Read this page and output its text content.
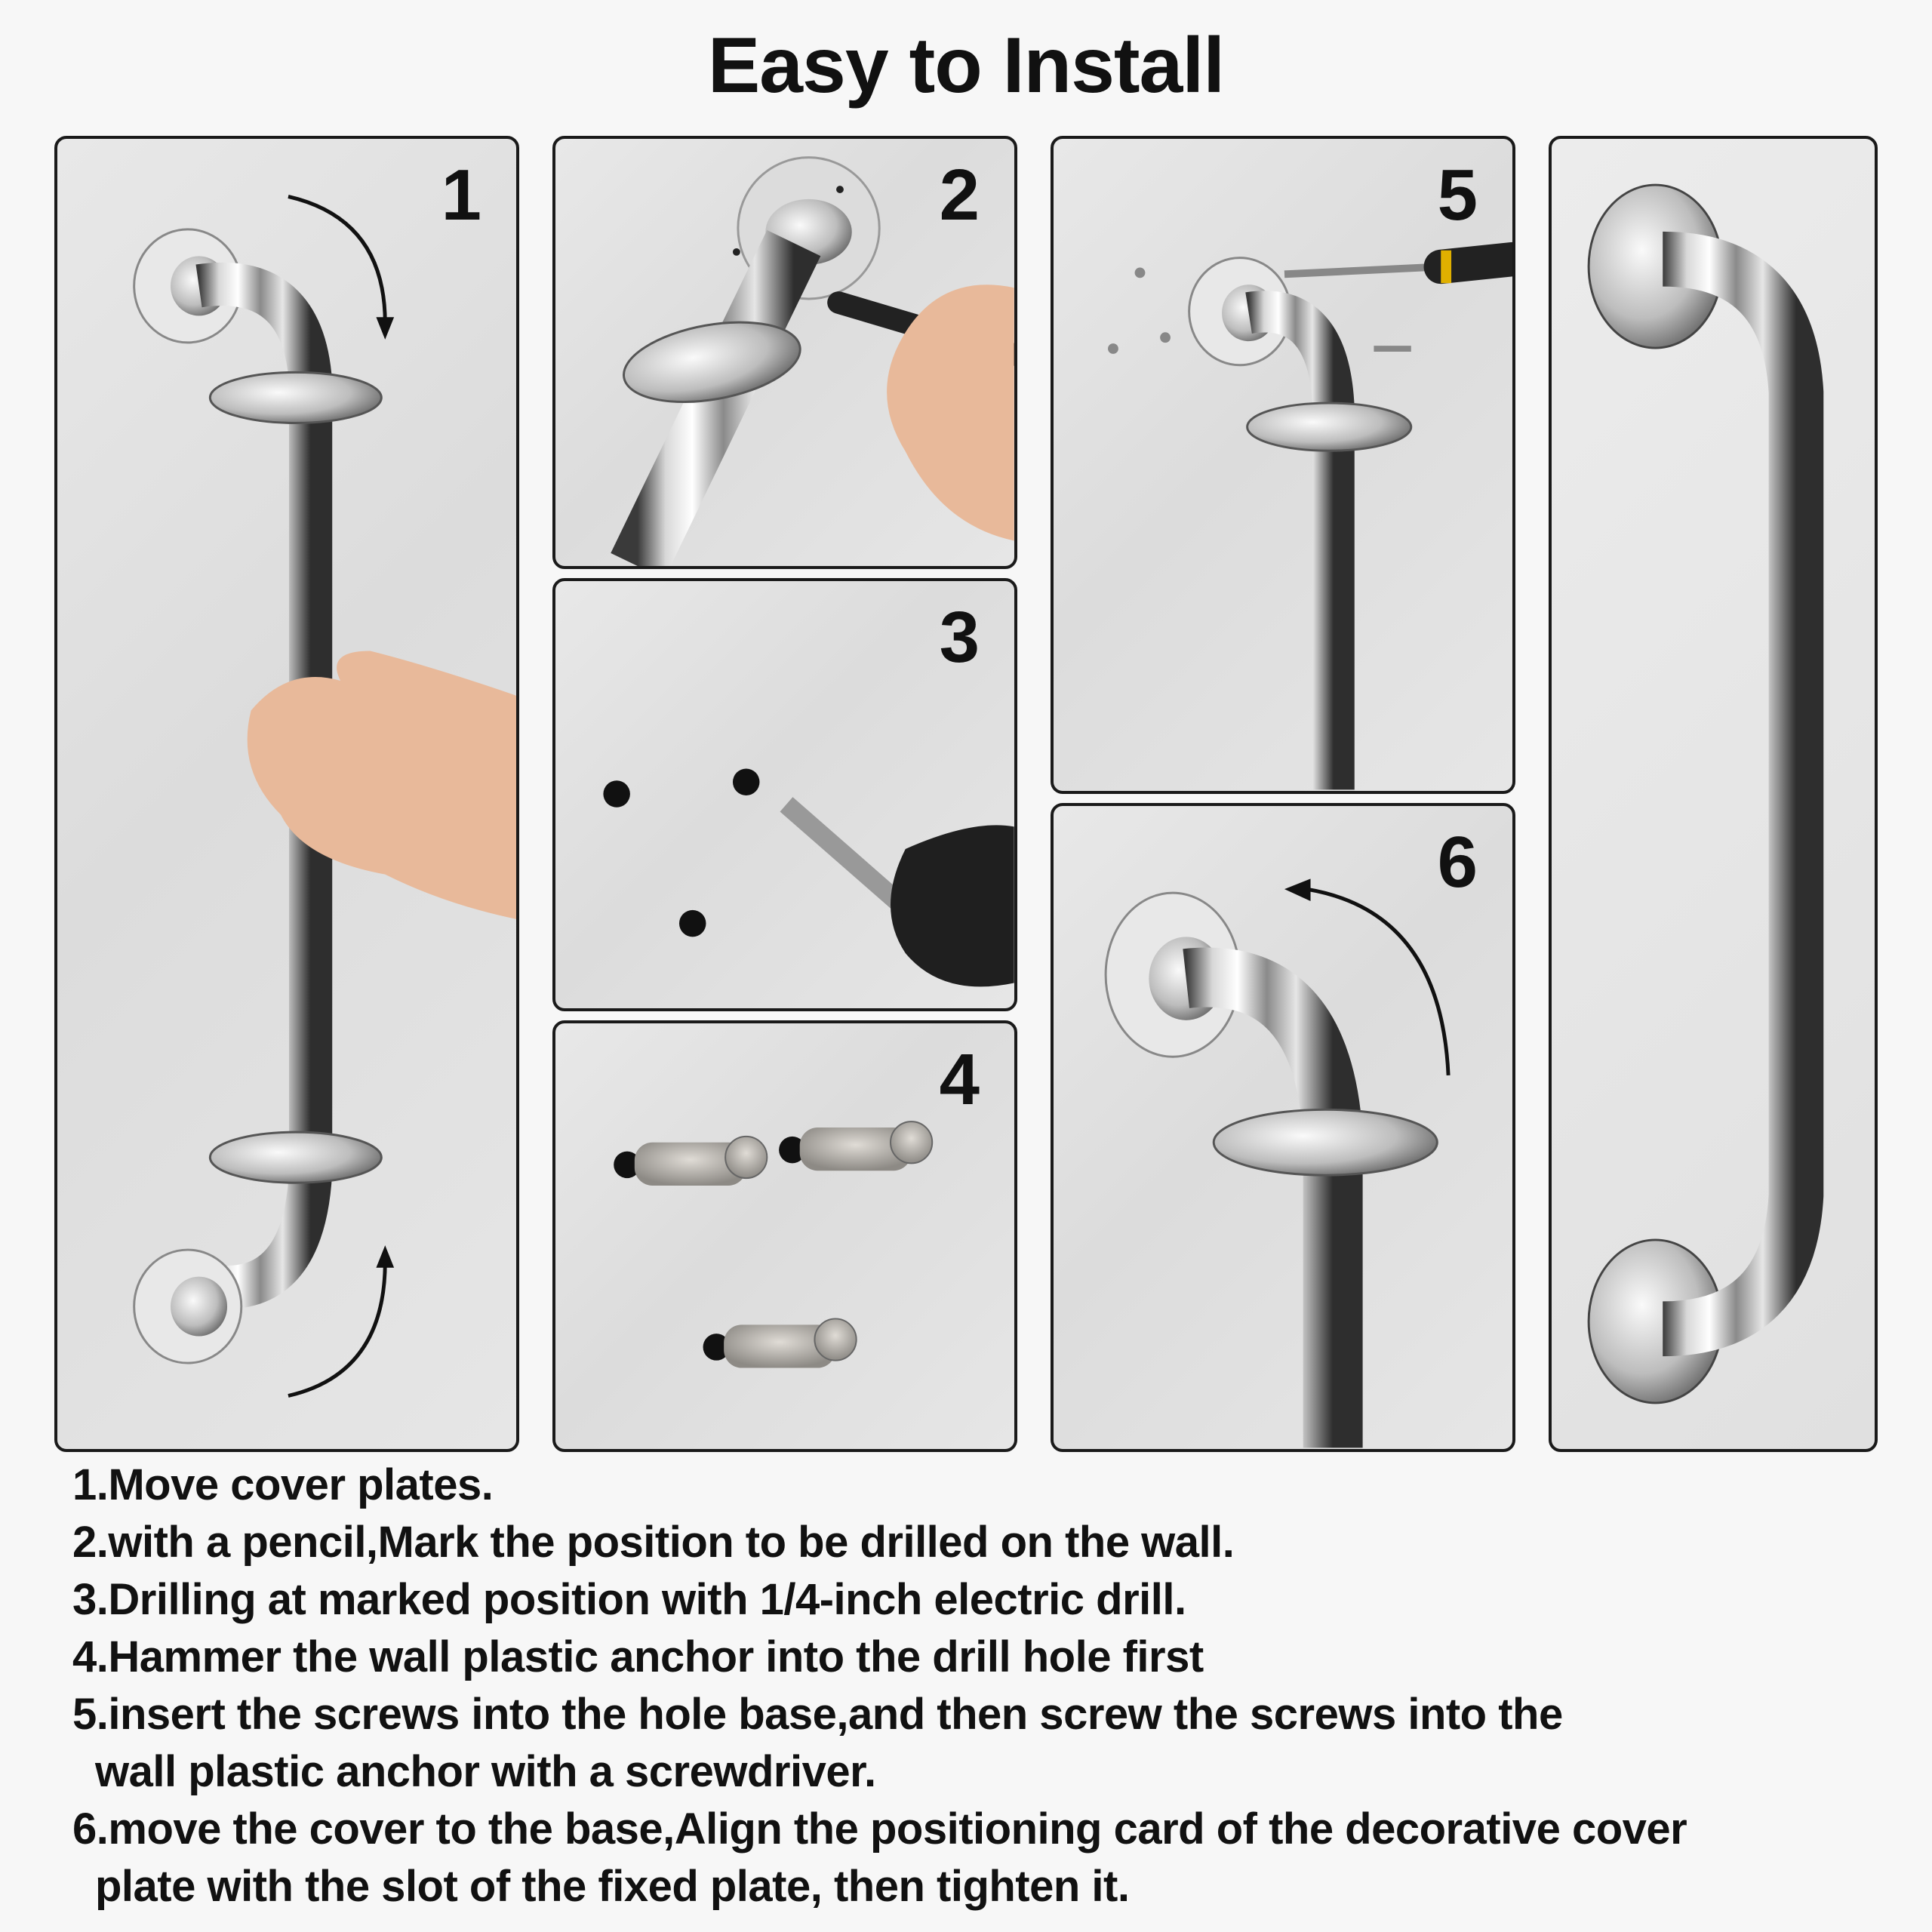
Easy to Install
1	2
3
4
5
6
1.Move cover plates.
2.with a pencil,Mark the position to be drilled on the wall.
3.Drilling at marked position with 1/4-inch electric drill.
4.Hammer the wall plastic anchor into the drill hole first
5.insert the screws into the hole base,and then screw the screws into the
wall plastic anchor with a screwdriver.
6.move the cover to the base,Align the positioning card of the decorative cover
plate with the slot of the fixed plate, then tighten it.
